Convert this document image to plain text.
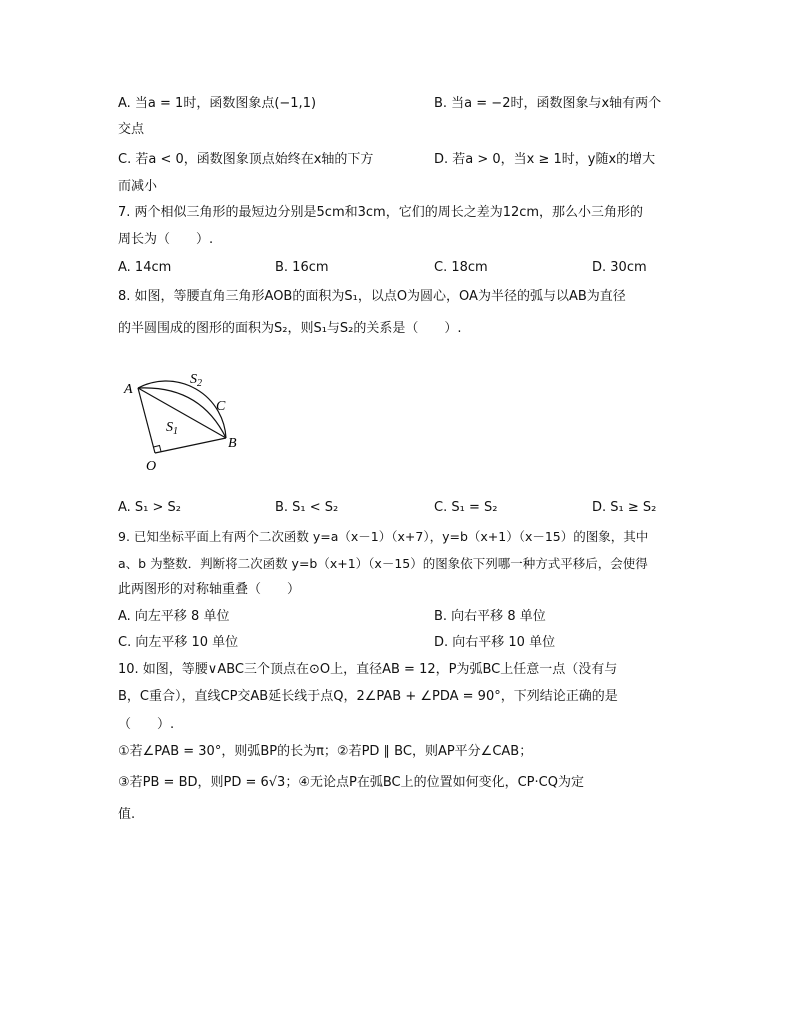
A. 当a = 1时，函数图象点(−1,1)	B. 当a = −2时，函数图象与x轴有两个
交点
C. 若a < 0，函数图象顶点始终在x轴的下方	D. 若a > 0，当x ≥ 1时，y随x的增大
而减小
7. 两个相似三角形的最短边分别是5cm和3cm，它们的周长之差为12cm，那么小三角形的
周长为（　　）.
A. 14cm	B. 16cm	C. 18cm	D. 30cm
8. 如图，等腰直角三角形AOB的面积为S₁，以点O为圆心，OA为半径的弧与以AB为直径
的半圆围成的图形的面积为S₂，则S₁与S₂的关系是（　　）.
A
$S_2$
C
$S_1$
B
O
A. S₁ > S₂	B. S₁ < S₂	C. S₁ = S₂	D. S₁ ≥ S₂
9. 已知坐标平面上有两个二次函数 y=a（x－1）（x+7），y=b（x+1）（x－15）的图象，其中
a、b 为整数．判断将二次函数 y=b（x+1）（x－15）的图象依下列哪一种方式平移后，会使得
此两图形的对称轴重叠（　　）
A. 向左平移 8 单位	B. 向右平移 8 单位
C. 向左平移 10 单位	D. 向右平移 10 单位
10. 如图，等腰∨ABC三个顶点在⊙O上，直径AB = 12，P为弧BC上任意一点（没有与
B，C重合），直线CP交AB延长线于点Q，2∠PAB + ∠PDA = 90°，下列结论正确的是
（　　）.
①若∠PAB = 30°，则弧BP的长为π；②若PD ∥ BC，则AP平分∠CAB；
③若PB = BD，则PD = 6√3；④无论点P在弧BC上的位置如何变化，CP·CQ为定
值.
